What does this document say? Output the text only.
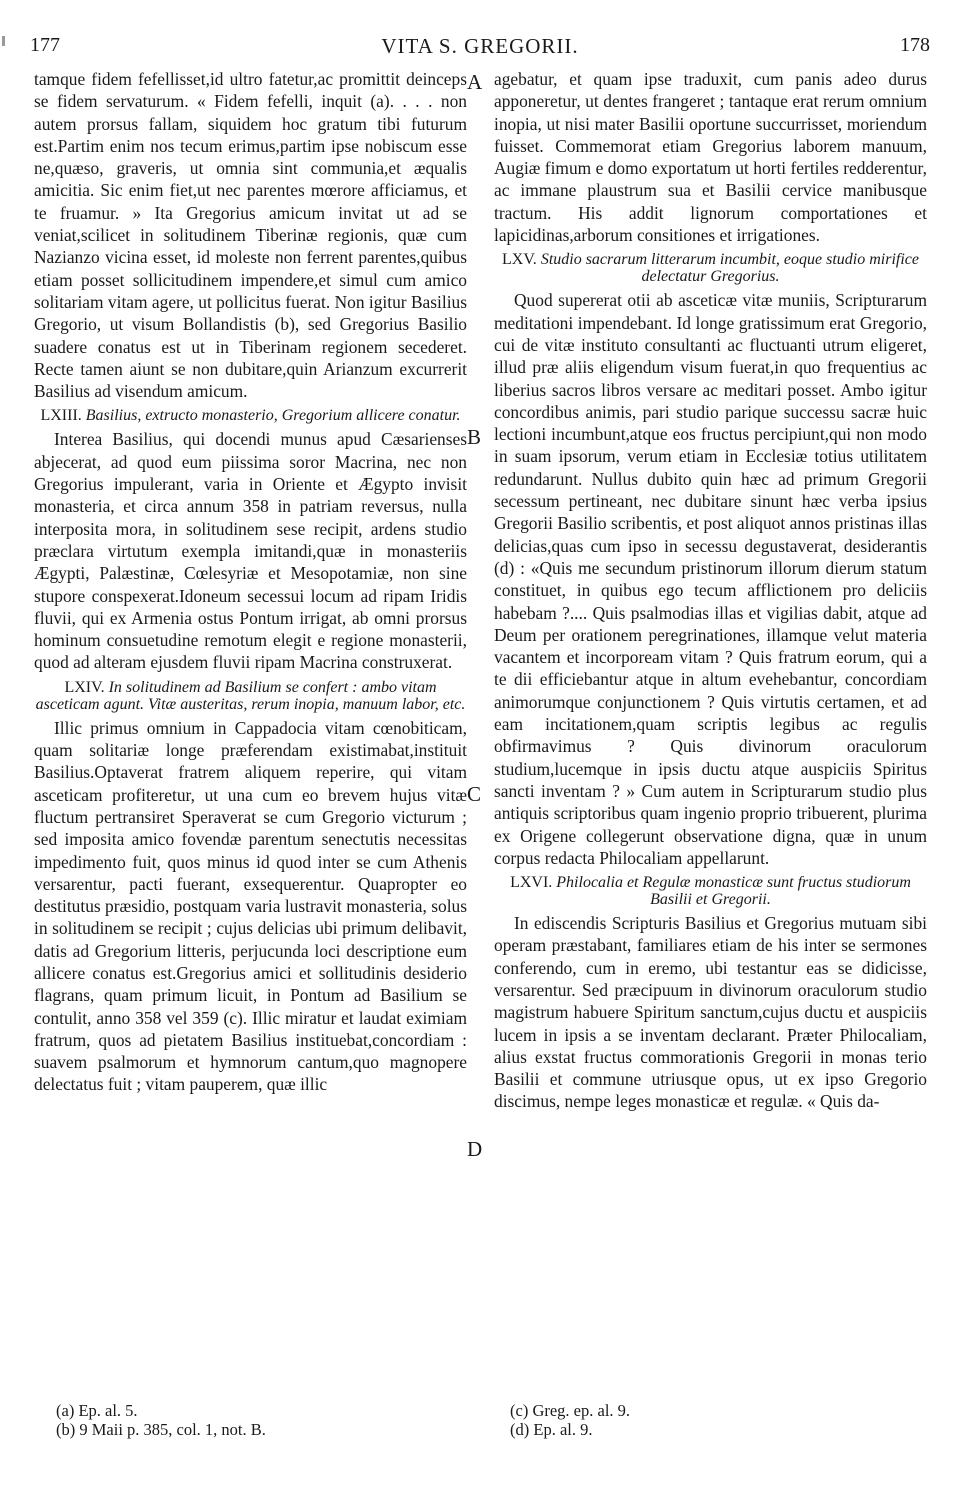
177	VITA S. GREGORII.	178

tamque fidem fefellisset,id ultro fatetur,ac promittit deinceps se fidem servaturum. « Fidem fefelli, inquit (a). . . . non autem prorsus fallam, siquidem hoc gratum tibi futurum est.Partim enim nos tecum erimus,partim ipse nobiscum esse ne,quæso, graveris, ut omnia sint communia,et æqualis amicitia. Sic enim fiet,ut nec parentes mœrore afficiamus, et te fruamur. » Ita Gregorius amicum invitat ut ad se veniat,scilicet in solitudinem Tiberinæ regionis, quæ cum Nazianzo vicina esset, id moleste non ferrent parentes,quibus etiam posset sollicitudinem impendere,et simul cum amico solitariam vitam agere, ut pollicitus fuerat. Non igitur Basilius Gregorio, ut visum Bollandistis (b), sed Gregorius Basilio suadere conatus est ut in Tiberinam regionem secederet. Recte tamen aiunt se non dubitare,quin Arianzum excurrerit Basilius ad visendum amicum.

LXIII. Basilius, extructo monasterio, Gregorium allicere conatur.

Interea Basilius, qui docendi munus apud Cæsarienses abjecerat, ad quod eum piissima soror Macrina, nec non Gregorius impulerant, varia in Oriente et Ægypto invisit monasteria, et circa annum 358 in patriam reversus, nulla interposita mora, in solitudinem sese recipit, ardens studio præclara virtutum exempla imitandi,quæ in monasteriis Ægypti, Palæstinæ, Cœlesyriæ et Mesopotamiæ, non sine stupore conspexerat.Idoneum secessui locum ad ripam Iridis fluvii, qui ex Armenia ostus Pontum irrigat, ab omni prorsus hominum consuetudine remotum elegit e regione monasterii, quod ad alteram ejusdem fluvii ripam Macrina construxerat.

LXIV. In solitudinem ad Basilium se confert : ambo vitam asceticam agunt. Vitæ austeritas, rerum inopia, manuum labor, etc.

Illic primus omnium in Cappadocia vitam cœnobiticam, quam solitariæ longe præferendam existimabat,instituit Basilius.Optaverat fratrem aliquem reperire, qui vitam asceticam profiteretur, ut una cum eo brevem hujus vitæ fluctum pertransiret Speraverat se cum Gregorio victurum ; sed imposita amico fovendæ parentum senectutis necessitas impedimento fuit, quos minus id quod inter se cum Athenis versarentur, pacti fuerant, exsequerentur. Quapropter eo destitutus præsidio, postquam varia lustravit monasteria, solus in solitudinem se recipit ; cujus delicias ubi primum delibavit, datis ad Gregorium litteris, perjucunda loci descriptione eum allicere conatus est.Gregorius amici et sollitudinis desiderio flagrans, quam primum licuit, in Pontum ad Basilium se contulit, anno 358 vel 359 (c). Illic miratur et laudat eximiam fratrum, quos ad pietatem Basilius instituebat,concordiam : suavem psalmorum et hymnorum cantum,quo magnopere delectatus fuit ; vitam pauperem, quæ illic

agebatur, et quam ipse traduxit, cum panis adeo durus apponeretur, ut dentes frangeret ; tantaque erat rerum omnium inopia, ut nisi mater Basilii oportune succurrisset, moriendum fuisset. Commemorat etiam Gregorius laborem manuum, Augiæ fimum e domo exportatum ut horti fertiles redderentur, ac immane plaustrum sua et Basilii cervice manibusque tractum. His addit lignorum comportationes et lapicidinas,arborum consitiones et irrigationes.

LXV. Studio sacrarum litterarum incumbit, eoque studio mirifice delectatur Gregorius.

Quod supererat otii ab asceticæ vitæ muniis, Scripturarum meditationi impendebant. Id longe gratissimum erat Gregorio, cui de vitæ instituto consultanti ac fluctuanti utrum eligeret, illud præ aliis eligendum visum fuerat,in quo frequentius ac liberius sacros libros versare ac meditari posset. Ambo igitur concordibus animis, pari studio parique successu sacræ huic lectioni incumbunt,atque eos fructus percipiunt,qui non modo in suam ipsorum, verum etiam in Ecclesiæ totius utilitatem redundarunt. Nullus dubito quin hæc ad primum Gregorii secessum pertineant, nec dubitare sinunt hæc verba ipsius Gregorii Basilio scribentis, et post aliquot annos pristinas illas delicias,quas cum ipso in secessu degustaverat, desiderantis (d) : «Quis me secundum pristinorum illorum dierum statum constituet, in quibus ego tecum afflictionem pro deliciis habebam ?.... Quis psalmodias illas et vigilias dabit, atque ad Deum per orationem peregrinationes, illamque velut materia vacantem et incorpoream vitam ? Quis fratrum eorum, qui a te dii efficiebantur atque in altum evehebantur, concordiam animorumque conjunctionem ? Quis virtutis certamen, et ad eam incitationem,quam scriptis legibus ac regulis obfirmavimus ? Quis divinorum oraculorum studium,lucemque in ipsis ductu atque auspiciis Spiritus sancti inventam ? » Cum autem in Scripturarum studio plus antiquis scriptoribus quam ingenio proprio tribuerent, plurima ex Origene collegerunt observatione digna, quæ in unum corpus redacta Philocaliam appellarunt.

LXVI. Philocalia et Regulæ monasticæ sunt fructus studiorum Basilii et Gregorii.

In ediscendis Scripturis Basilius et Gregorius mutuam sibi operam præstabant, familiares etiam de his inter se sermones conferendo, cum in eremo, ubi testantur eas se didicisse, versarentur. Sed præcipuum in divinorum oraculorum studio magistrum habuere Spiritum sanctum,cujus ductu et auspiciis lucem in ipsis a se inventam declarant. Præter Philocaliam, alius exstat fructus commorationis Gregorii in monas terio Basilii et commune utriusque opus, ut ex ipso Gregorio discimus, nempe leges monasticæ et regulæ. « Quis da-

A
B
C
D
(a) Ep. al. 5.
(b) 9 Maii p. 385, col. 1, not. B.
(c) Greg. ep. al. 9.
(d) Ep. al. 9.
